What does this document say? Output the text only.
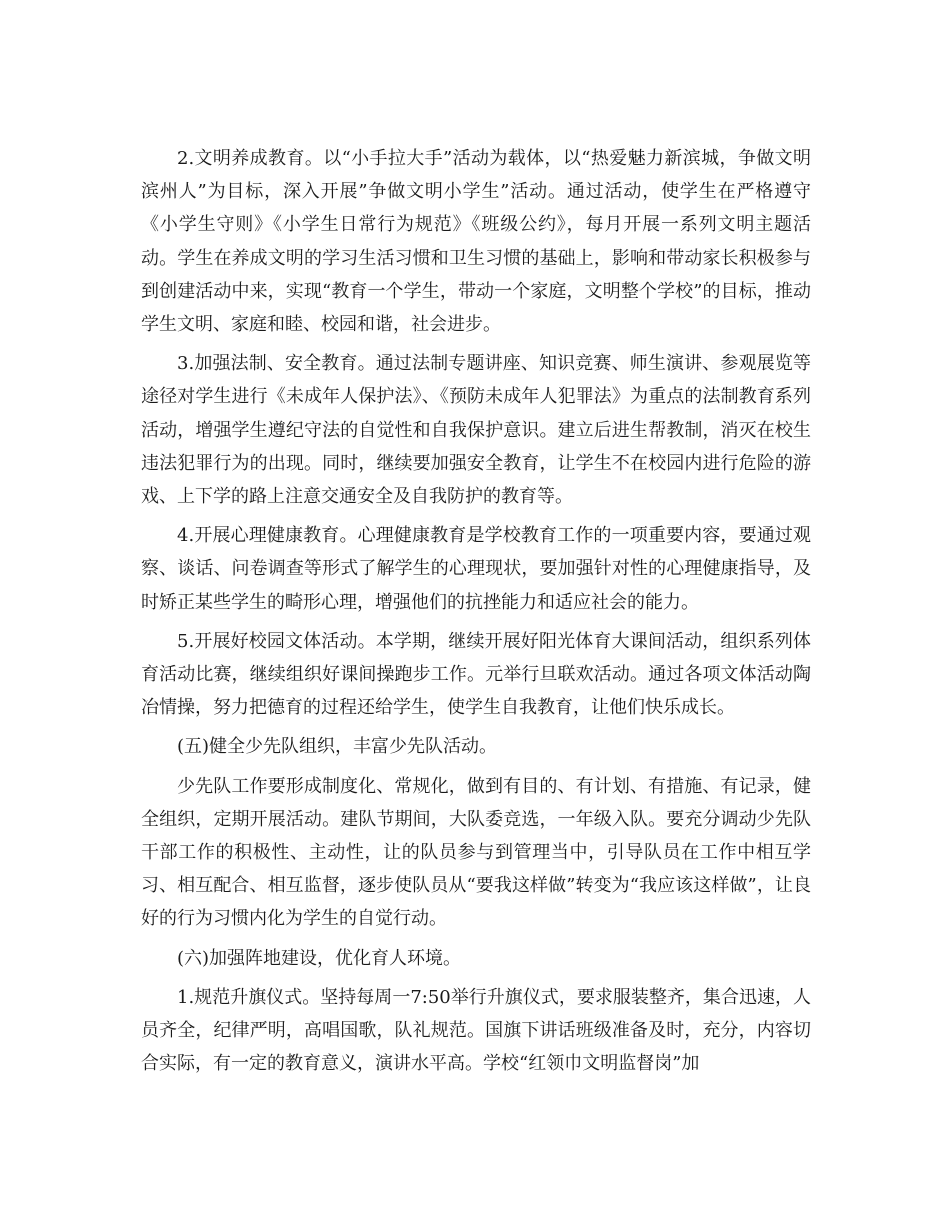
2.文明养成教育。以“小手拉大手”活动为载体，以“热爱魅力新滨城，争做文明滨州人”为目标，深入开展”争做文明小学生”活动。通过活动，使学生在严格遵守《小学生守则》《小学生日常行为规范》《班级公约》，每月开展一系列文明主题活动。学生在养成文明的学习生活习惯和卫生习惯的基础上，影响和带动家长积极参与到创建活动中来，实现“教育一个学生，带动一个家庭，文明整个学校”的目标，推动学生文明、家庭和睦、校园和谐，社会进步。

3.加强法制、安全教育。通过法制专题讲座、知识竞赛、师生演讲、参观展览等途径对学生进行《未成年人保护法》、《预防未成年人犯罪法》为重点的法制教育系列活动，增强学生遵纪守法的自觉性和自我保护意识。建立后进生帮教制，消灭在校生违法犯罪行为的出现。同时，继续要加强安全教育，让学生不在校园内进行危险的游戏、上下学的路上注意交通安全及自我防护的教育等。

4.开展心理健康教育。心理健康教育是学校教育工作的一项重要内容，要通过观察、谈话、问卷调查等形式了解学生的心理现状，要加强针对性的心理健康指导，及时矫正某些学生的畸形心理，增强他们的抗挫能力和适应社会的能力。

5.开展好校园文体活动。本学期，继续开展好阳光体育大课间活动，组织系列体育活动比赛，继续组织好课间操跑步工作。元举行旦联欢活动。通过各项文体活动陶冶情操，努力把德育的过程还给学生，使学生自我教育，让他们快乐成长。

(五)健全少先队组织，丰富少先队活动。

少先队工作要形成制度化、常规化，做到有目的、有计划、有措施、有记录，健全组织，定期开展活动。建队节期间，大队委竞选，一年级入队。要充分调动少先队干部工作的积极性、主动性，让的队员参与到管理当中，引导队员在工作中相互学习、相互配合、相互监督，逐步使队员从“要我这样做”转变为“我应该这样做”，让良好的行为习惯内化为学生的自觉行动。

(六)加强阵地建设，优化育人环境。

1.规范升旗仪式。坚持每周一7:50举行升旗仪式，要求服装整齐，集合迅速，人员齐全，纪律严明，高唱国歌，队礼规范。国旗下讲话班级准备及时，充分，内容切合实际，有一定的教育意义，演讲水平高。学校“红领巾文明监督岗”加
